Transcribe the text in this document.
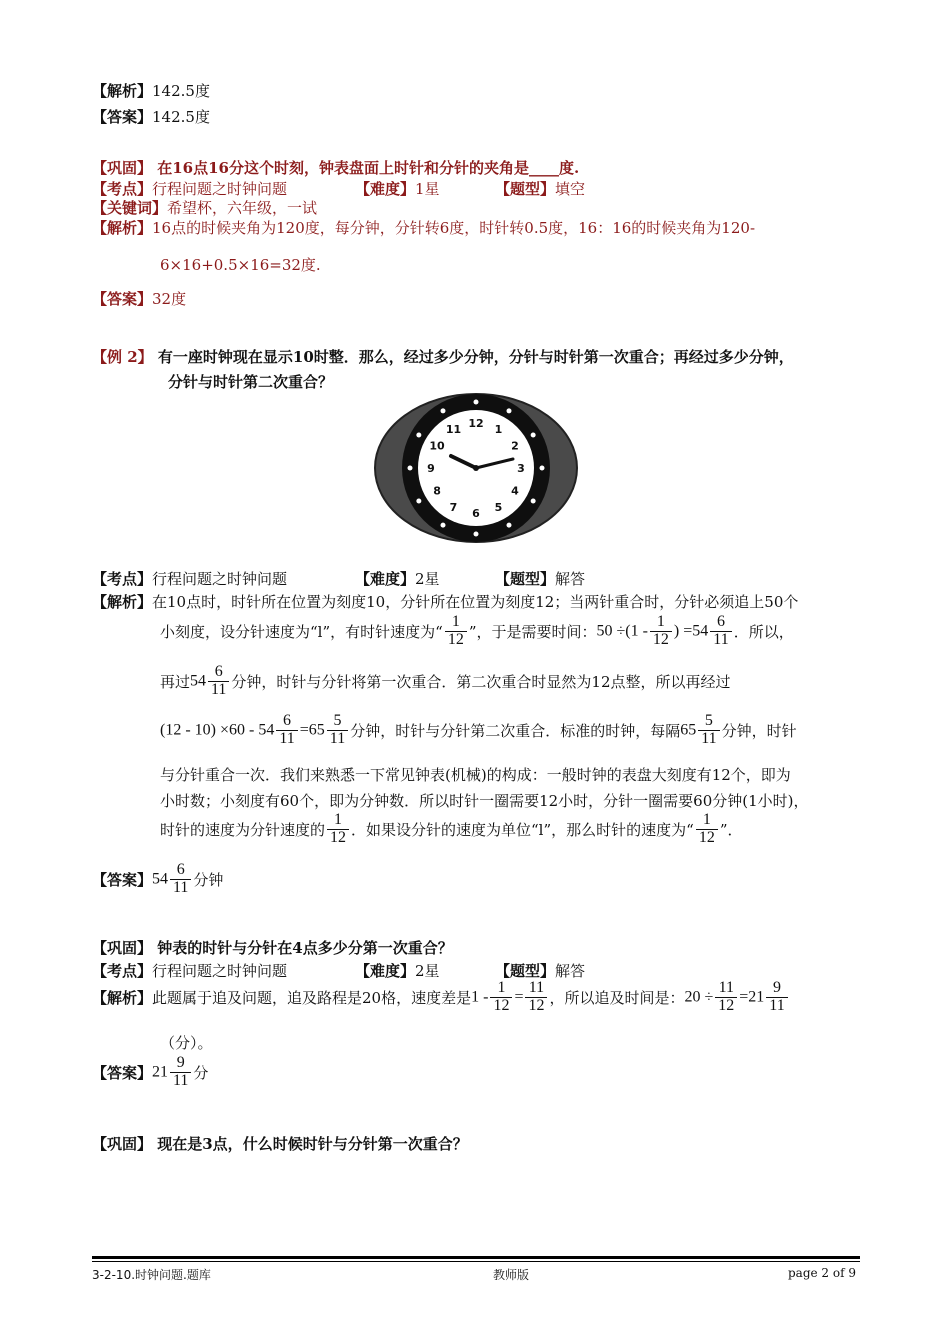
【解析】142.5度
【答案】142.5度
【巩固】 在16点16分这个时刻，钟表盘面上时针和分针的夹角是____度.
【考点】行程问题之时钟问题	【难度】1星	【题型】填空
【关键词】希望杯，六年级，一试
【解析】16点的时候夹角为120度，每分钟，分针转6度，时针转0.5度，16：16的时候夹角为120-
6×16+0.5×16=32度.
【答案】32度
【例 2】 有一座时钟现在显示10时整．那么，经过多少分钟，分针与时针第一次重合；再经过多少分钟，
分针与时针第二次重合？
12 1
2
3
4
5
6
7
8
9
10
11
【考点】行程问题之时钟问题	【难度】2星	【题型】解答
【解析】在10点时，时针所在位置为刻度10，分针所在位置为刻度12；当两针重合时，分针必须追上50个
小刻度，设分针速度为“l”，有时针速度为“ $\frac{1}{12}$ ”，于是需要时间：$50 \div(1 - \frac{1}{12}$ ) $=54 \frac{6}{11}$ ．所以，
再过$54 \frac{6}{11}$ 分钟，时针与分针将第一次重合．第二次重合时显然为12点整，所以再经过
$(12 - 10) \times 60 - 54 \frac{6}{11} =65 \frac{5}{11}$ 分钟，时针与分针第二次重合．标准的时钟，每隔$65 \frac{5}{11}$ 分钟，时针
与分针重合一次．我们来熟悉一下常见钟表(机械)的构成：一般时钟的表盘大刻度有12个，即为
小时数；小刻度有60个，即为分钟数．所以时针一圈需要12小时，分针一圈需要60分钟(1小时)，
时针的速度为分针速度的 $\frac{1}{12}$ ．如果设分针的速度为单位“l”，那么时针的速度为“ $\frac{1}{12}$ ”．
【答案】$54 \frac{6}{11}$ 分钟
【巩固】 钟表的时针与分针在4点多少分第一次重合？
【考点】行程问题之时钟问题	【难度】2星	【题型】解答
【解析】此题属于追及问题，追及路程是20格，速度差是$1 - \frac{1}{12} = \frac{11}{12}$ ，所以追及时间是：$20 \div \frac{11}{12} =21 \frac{9}{11}$
（分）。
【答案】$21 \frac{9}{11}$ 分
【巩固】 现在是3点，什么时候时针与分针第一次重合？
3-2-10.时钟问题.题库	教师版	page 2 of 9
